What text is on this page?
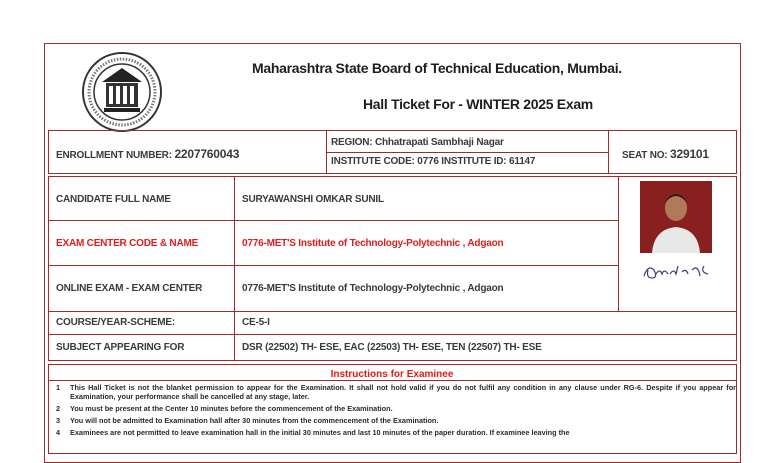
Maharashtra State Board of Technical Education, Mumbai.
Hall Ticket For - WINTER 2025 Exam
ENROLLMENT NUMBER: 2207760043
REGION: Chhatrapati Sambhaji Nagar
INSTITUTE CODE: 0776 INSTITUTE ID: 61147
SEAT NO: 329101
CANDIDATE FULL NAME	SURYAWANSHI OMKAR SUNIL
EXAM CENTER CODE & NAME	0776-MET'S Institute of Technology-Polytechnic , Adgaon
ONLINE EXAM - EXAM CENTER	0776-MET'S Institute of Technology-Polytechnic , Adgaon
COURSE/YEAR-SCHEME:	CE-5-I
SUBJECT APPEARING FOR	DSR (22502) TH- ESE, EAC (22503) TH- ESE, TEN (22507) TH- ESE
Instructions for Examinee
1 This Hall Ticket is not the blanket permission to appear for the Examination. It shall not hold valid if you do not fulfil any condition in any clause under RG-6. Despite if you appear for Examination, your performance shall be cancelled at any stage, later.
2 You must be present at the Center 10 minutes before the commencement of the Examination.
3 You will not be admitted to Examination hall after 30 minutes from the commencement of the Examination.
4 Examinees are not permitted to leave examination hall in the initial 30 minutes and last 10 minutes of the paper duration. If examinee leaving the
